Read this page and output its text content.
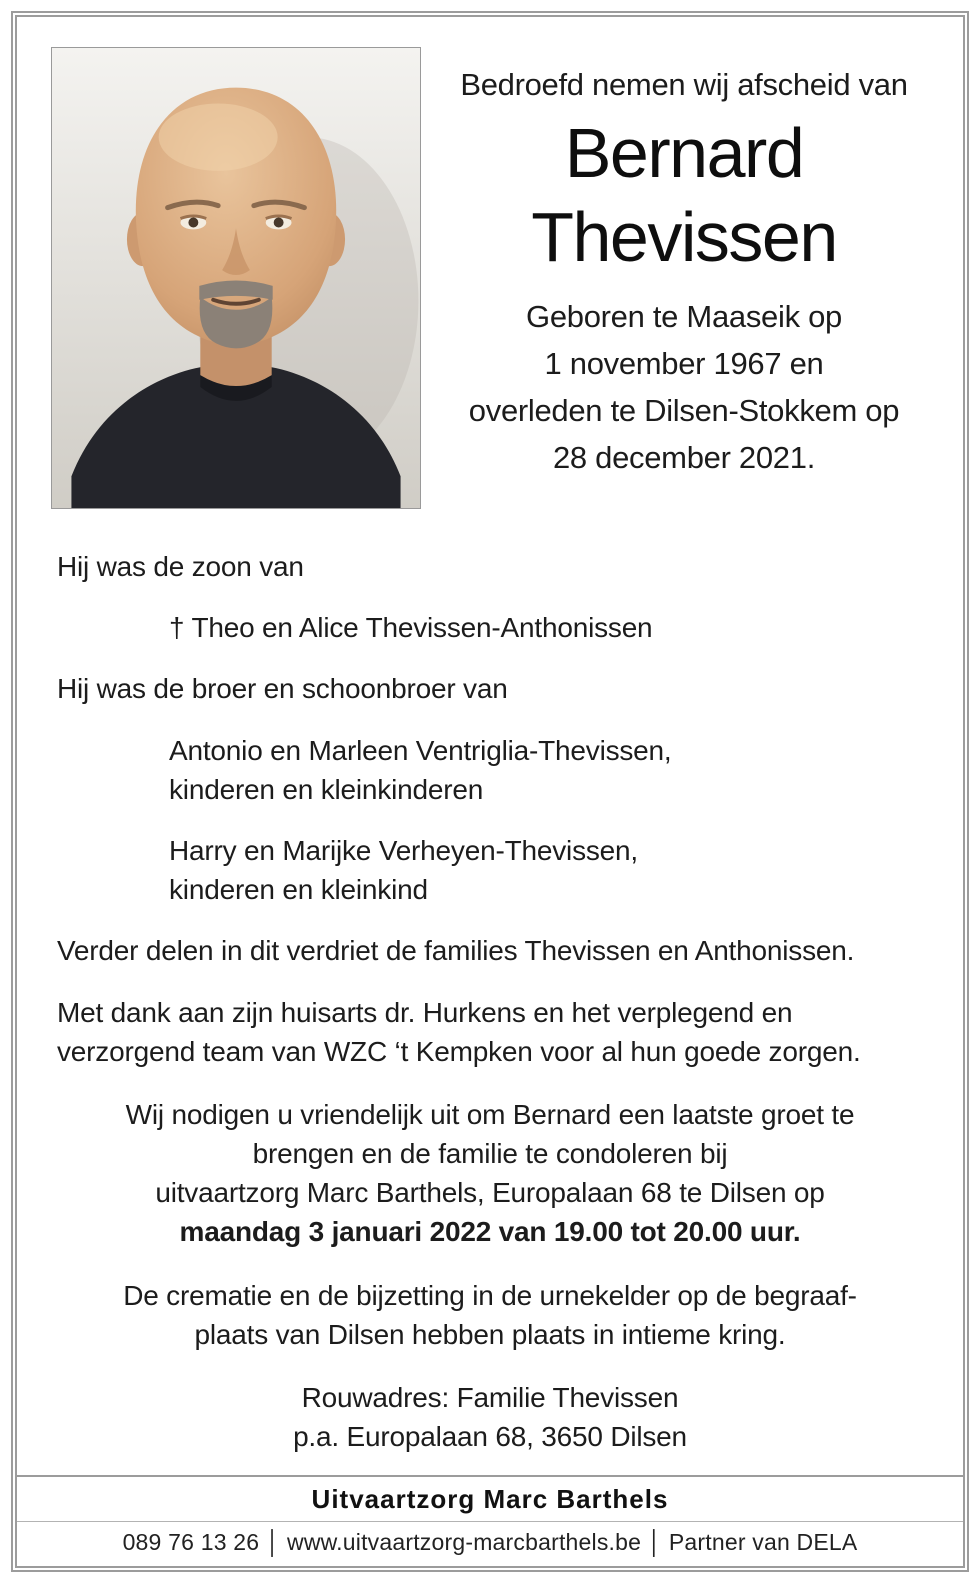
Bedroefd nemen wij afscheid van
Bernard
Thevissen
Geboren te Maaseik op
1 november 1967 en
overleden te Dilsen-Stokkem op
28 december 2021.
Hij was de zoon van
† Theo en Alice Thevissen-Anthonissen
Hij was de broer en schoonbroer van
Antonio en Marleen Ventriglia-Thevissen,
kinderen en kleinkinderen
Harry en Marijke Verheyen-Thevissen,
kinderen en kleinkind
Verder delen in dit verdriet de families Thevissen en Anthonissen.
Met dank aan zijn huisarts dr. Hurkens en het verplegend en verzorgend team van WZC ‘t Kempken voor al hun goede zorgen.
Wij nodigen u vriendelijk uit om Bernard een laatste groet te
brengen en de familie te condoleren bij
uitvaartzorg Marc Barthels, Europalaan 68 te Dilsen op
maandag 3 januari 2022 van 19.00 tot 20.00 uur.
De crematie en de bijzetting in de urnekelder op de begraaf-
plaats van Dilsen hebben plaats in intieme kring.
Rouwadres: Familie Thevissen
p.a. Europalaan 68, 3650 Dilsen
Uitvaartzorg Marc Barthels
089 76 13 26 │ www.uitvaartzorg-marcbarthels.be │ Partner van DELA
